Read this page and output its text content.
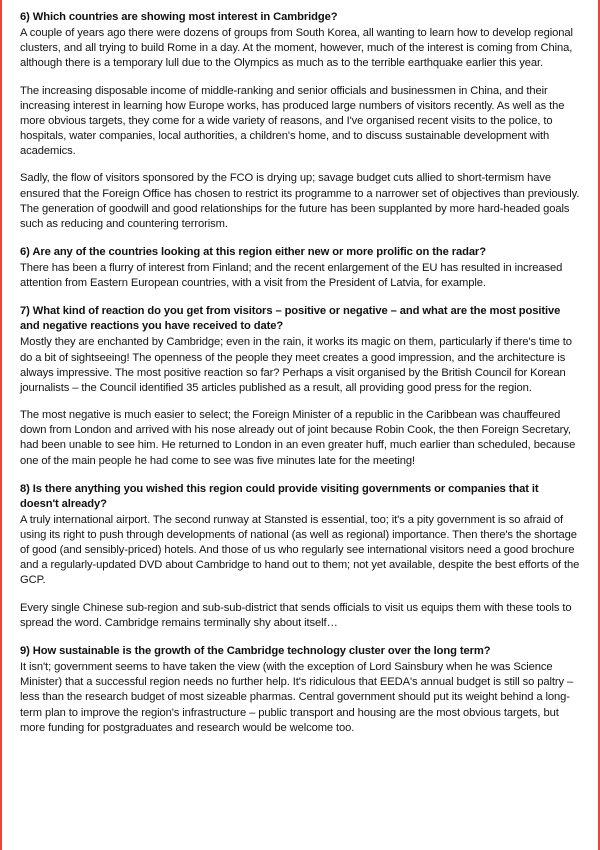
6) Which countries are showing most interest in Cambridge?

A couple of years ago there were dozens of groups from South Korea, all wanting to learn how to develop regional clusters, and all trying to build Rome in a day. At the moment, however, much of the interest is coming from China, although there is a temporary lull due to the Olympics as much as to the terrible earthquake earlier this year.

The increasing disposable income of middle-ranking and senior officials and businessmen in China, and their increasing interest in learning how Europe works, has produced large numbers of visitors recently. As well as the more obvious targets, they come for a wide variety of reasons, and I've organised recent visits to the police, to hospitals, water companies, local authorities, a children's home, and to discuss sustainable development with academics.

Sadly, the flow of visitors sponsored by the FCO is drying up; savage budget cuts allied to short-termism have ensured that the Foreign Office has chosen to restrict its programme to a narrower set of objectives than previously. The generation of goodwill and good relationships for the future has been supplanted by more hard-headed goals such as reducing and countering terrorism.

6) Are any of the countries looking at this region either new or more prolific on the radar?

There has been a flurry of interest from Finland; and the recent enlargement of the EU has resulted in increased attention from Eastern European countries, with a visit from the President of Latvia, for example.

7) What kind of reaction do you get from visitors – positive or negative – and what are the most positive and negative reactions you have received to date?

Mostly they are enchanted by Cambridge; even in the rain, it works its magic on them, particularly if there's time to do a bit of sightseeing! The openness of the people they meet creates a good impression, and the architecture is always impressive. The most positive reaction so far? Perhaps a visit organised by the British Council for Korean journalists – the Council identified 35 articles published as a result, all providing good press for the region.

The most negative is much easier to select; the Foreign Minister of a republic in the Caribbean was chauffeured down from London and arrived with his nose already out of joint because Robin Cook, the then Foreign Secretary, had been unable to see him. He returned to London in an even greater huff, much earlier than scheduled, because one of the main people he had come to see was five minutes late for the meeting!

8) Is there anything you wished this region could provide visiting governments or companies that it doesn't already?

A truly international airport. The second runway at Stansted is essential, too; it's a pity government is so afraid of using its right to push through developments of national (as well as regional) importance. Then there's the shortage of good (and sensibly-priced) hotels. And those of us who regularly see international visitors need a good brochure and a regularly-updated DVD about Cambridge to hand out to them; not yet available, despite the best efforts of the GCP.

Every single Chinese sub-region and sub-sub-district that sends officials to visit us equips them with these tools to spread the word. Cambridge remains terminally shy about itself…

9) How sustainable is the growth of the Cambridge technology cluster over the long term?

It isn't; government seems to have taken the view (with the exception of Lord Sainsbury when he was Science Minister) that a successful region needs no further help. It's ridiculous that EEDA's annual budget is still so paltry – less than the research budget of most sizeable pharmas. Central government should put its weight behind a long-term plan to improve the region's infrastructure – public transport and housing are the most obvious targets, but more funding for postgraduates and research would be welcome too.
